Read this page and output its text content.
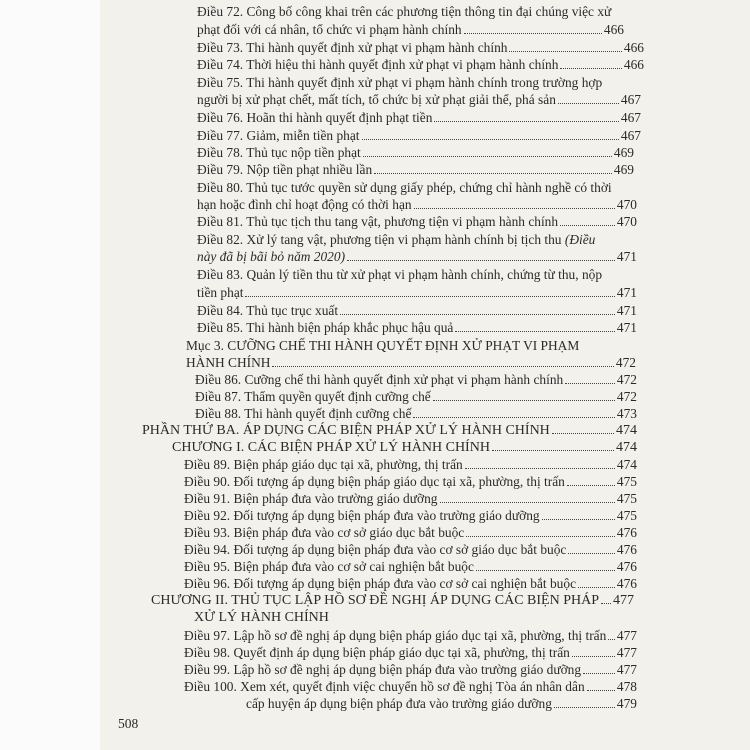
Điều 72. Công bố công khai trên các phương tiện thông tin đại chúng việc xử
phạt đối với cá nhân, tổ chức vi phạm hành chính	466
Điều 73. Thi hành quyết định xử phạt vi phạm hành chính	466
Điều 74. Thời hiệu thi hành quyết định xử phạt vi phạm hành chính	466
Điều 75. Thi hành quyết định xử phạt vi phạm hành chính trong trường hợp
người bị xử phạt chết, mất tích, tổ chức bị xử phạt giải thể, phá sản	467
Điều 76. Hoãn thi hành quyết định phạt tiền	467
Điều 77. Giảm, miễn tiền phạt	467
Điều 78. Thủ tục nộp tiền phạt	469
Điều 79. Nộp tiền phạt nhiều lần	469
Điều 80. Thủ tục tước quyền sử dụng giấy phép, chứng chỉ hành nghề có thời
hạn hoặc đình chỉ hoạt động có thời hạn	470
Điều 81. Thủ tục tịch thu tang vật, phương tiện vi phạm hành chính	470
Điều 82. Xử lý tang vật, phương tiện vi phạm hành chính bị tịch thu (Điều
này đã bị bãi bỏ năm 2020)	471
Điều 83. Quản lý tiền thu từ xử phạt vi phạm hành chính, chứng từ thu, nộp
tiền phạt	471
Điều 84. Thủ tục trục xuất	471
Điều 85. Thi hành biện pháp khắc phục hậu quả	471
Mục 3. CƯỠNG CHẾ THI HÀNH QUYẾT ĐỊNH XỬ PHẠT VI PHẠM
HÀNH CHÍNH	472
Điều 86. Cưỡng chế thi hành quyết định xử phạt vi phạm hành chính	472
Điều 87. Thẩm quyền quyết định cưỡng chế	472
Điều 88. Thi hành quyết định cưỡng chế	473
PHẦN THỨ BA. ÁP DỤNG CÁC BIỆN PHÁP XỬ LÝ HÀNH CHÍNH	474
CHƯƠNG I. CÁC BIỆN PHÁP XỬ LÝ HÀNH CHÍNH	474
Điều 89. Biện pháp giáo dục tại xã, phường, thị trấn	474
Điều 90. Đối tượng áp dụng biện pháp giáo dục tại xã, phường, thị trấn	475
Điều 91. Biện pháp đưa vào trường giáo dưỡng	475
Điều 92. Đối tượng áp dụng biện pháp đưa vào trường giáo dưỡng	475
Điều 93. Biện pháp đưa vào cơ sở giáo dục bắt buộc	476
Điều 94. Đối tượng áp dụng biện pháp đưa vào cơ sở giáo dục bắt buộc	476
Điều 95. Biện pháp đưa vào cơ sở cai nghiện bắt buộc	476
Điều 96. Đối tượng áp dụng biện pháp đưa vào cơ sở cai nghiện bắt buộc	476
CHƯƠNG II. THỦ TỤC LẬP HỒ SƠ ĐỀ NGHỊ ÁP DỤNG CÁC BIỆN PHÁP 477
XỬ LÝ HÀNH CHÍNH
Điều 97. Lập hồ sơ đề nghị áp dụng biện pháp giáo dục tại xã, phường, thị trấn 477
Điều 98. Quyết định áp dụng biện pháp giáo dục tại xã, phường, thị trấn	477
Điều 99. Lập hồ sơ đề nghị áp dụng biện pháp đưa vào trường giáo dưỡng	477
Điều 100. Xem xét, quyết định việc chuyển hồ sơ đề nghị Tòa án nhân dân 478
cấp huyện áp dụng biện pháp đưa vào trường giáo dưỡng	479
508
